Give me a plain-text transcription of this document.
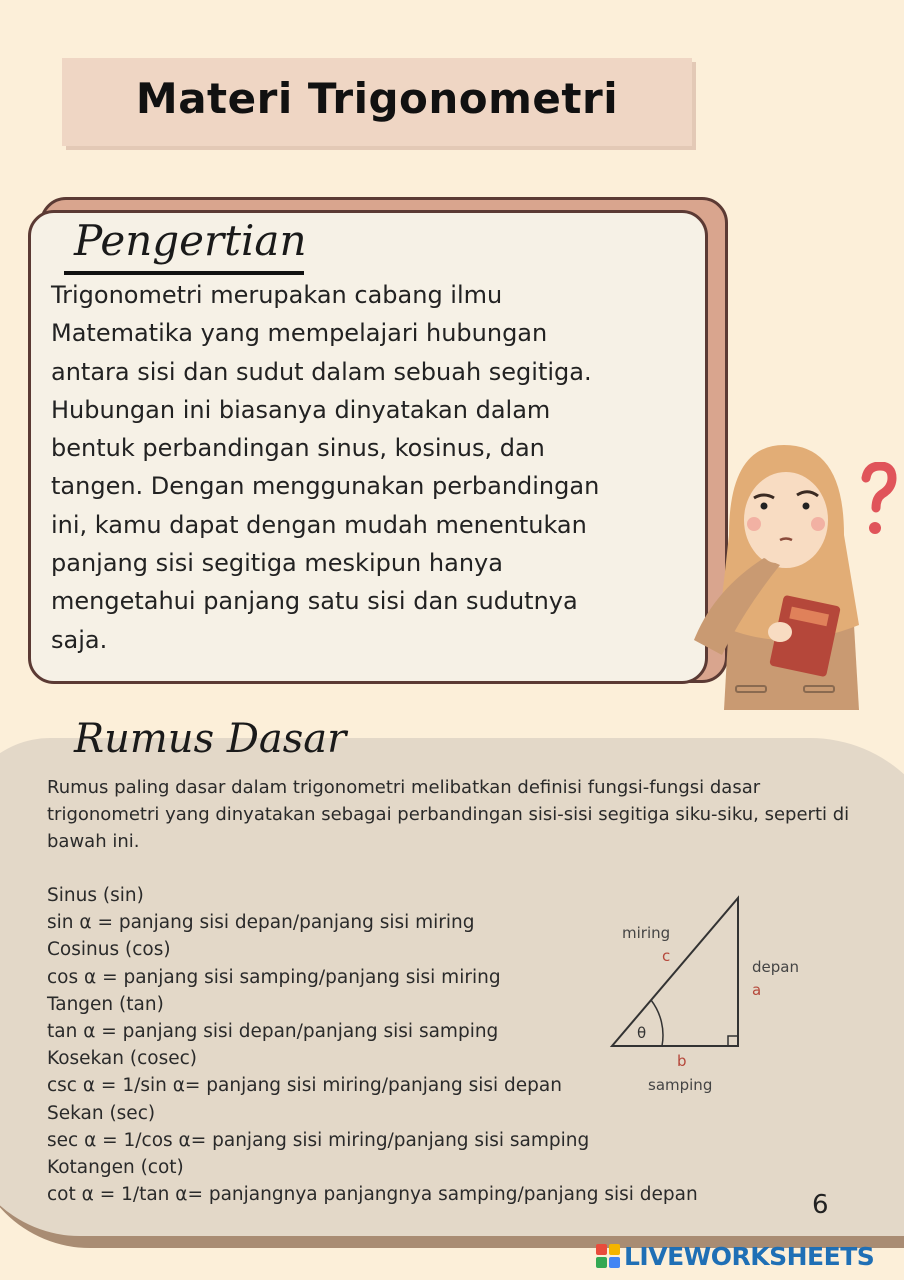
Materi Trigonometri
Pengertian
Trigonometri merupakan cabang ilmu
Matematika yang mempelajari hubungan
antara sisi dan sudut dalam sebuah segitiga.
Hubungan ini biasanya dinyatakan dalam
bentuk perbandingan sinus, kosinus, dan
tangen. Dengan menggunakan perbandingan
ini, kamu dapat dengan mudah menentukan
panjang sisi segitiga meskipun hanya
mengetahui panjang satu sisi dan sudutnya
saja.
Rumus Dasar
Rumus paling dasar dalam trigonometri melibatkan definisi fungsi-fungsi dasar
trigonometri yang dinyatakan sebagai perbandingan sisi-sisi segitiga siku-siku, seperti di
bawah ini.
Sinus (sin)
sin α = panjang sisi depan/panjang sisi miring
Cosinus (cos)
cos α = panjang sisi samping/panjang sisi miring
Tangen (tan)
tan α = panjang sisi depan/panjang sisi samping
Kosekan (cosec)
csc α = 1/sin α= panjang sisi miring/panjang sisi depan
Sekan (sec)
sec α = 1/cos α= panjang sisi miring/panjang sisi samping
Kotangen (cot)
cot α = 1/tan α= panjangnya panjangnya samping/panjang sisi depan
miring
c
depan
a
θ
b
samping
6
LIVEWORKSHEETS
